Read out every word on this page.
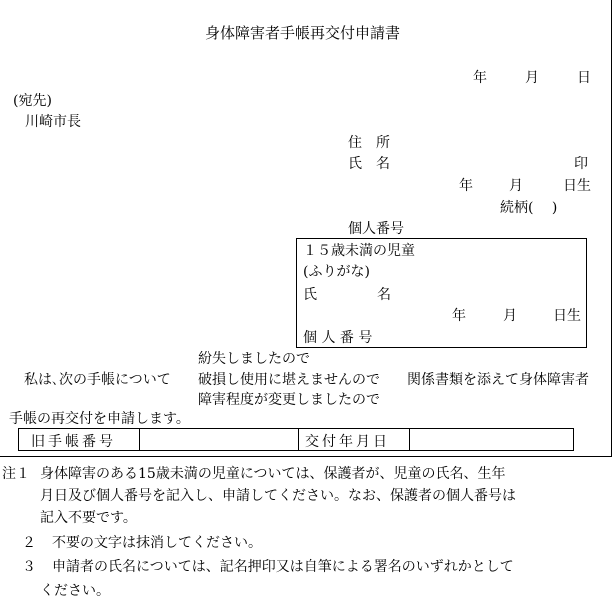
身体障害者手帳再交付申請書
年	月	日
(宛先)
川崎市長
住　所
氏　名	印
年	月	日生
続柄(　 )
個人番号
１５歳未満の児童
(ふりがな)
氏	名
年	月	日生
個 人 番 号
紛失しましたので
私は､次の手帳について 破損し使用に堪えませんので 関係書類を添えて身体障害者
障害程度が変更しましたので
手帳の再交付を申請します。
旧手帳番号	交付年月日
注１ 身体障害のある15歳未満の児童については、保護者が、児童の氏名、生年
月日及び個人番号を記入し、申請してください。なお、保護者の個人番号は
記入不要です。
２ 不要の文字は抹消してください。
３ 申請者の氏名については、記名押印又は自筆による署名のいずれかとして
ください。
